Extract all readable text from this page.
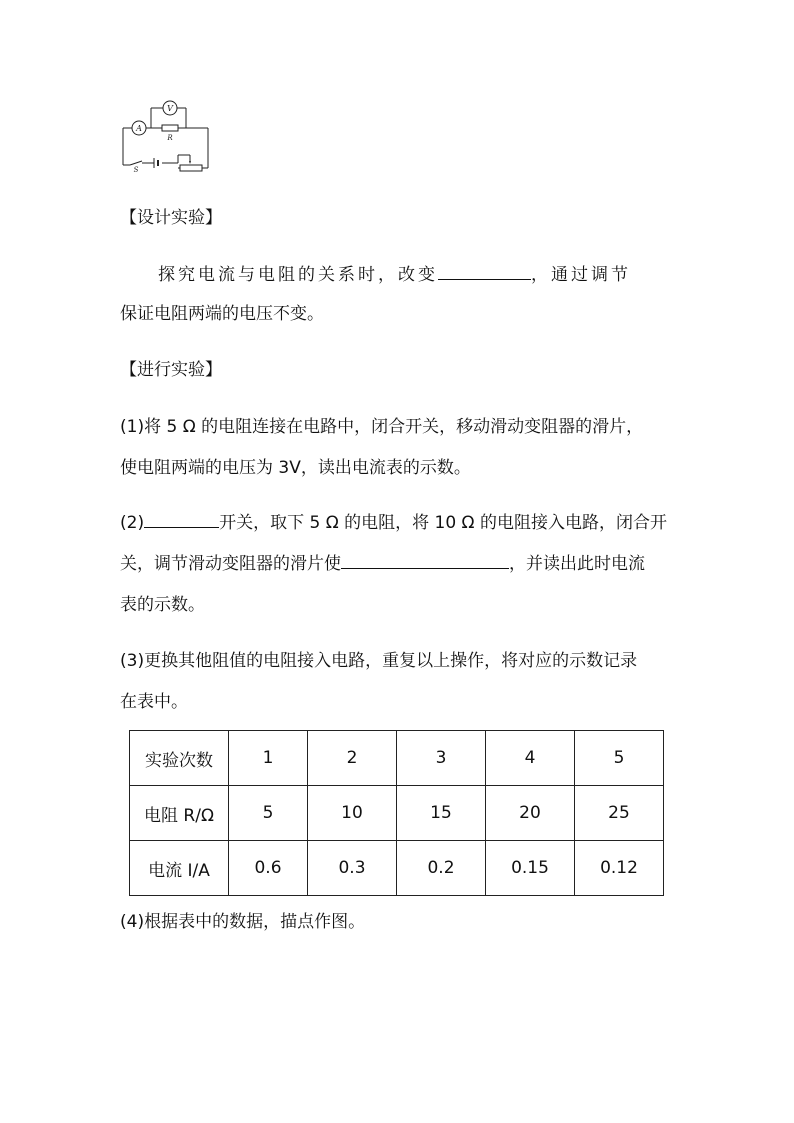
A
V
R
S
【设计实验】
探究电流与电阻的关系时，改变	，通过调节
保证电阻两端的电压不变。
【进行实验】
(1)将 5 Ω 的电阻连接在电路中，闭合开关，移动滑动变阻器的滑片，
使电阻两端的电压为 3V，读出电流表的示数。
(2)	开关，取下 5 Ω 的电阻，将 10 Ω 的电阻接入电路，闭合开
关，调节滑动变阻器的滑片使	，并读出此时电流
表的示数。
(3)更换其他阻值的电阻接入电路，重复以上操作，将对应的示数记录
在表中。
实验次数	1	2	3	4	5
电阻 R/Ω	5	10	15	20	25
电流 I/A	0.6	0.3	0.2	0.15	0.12
(4)根据表中的数据，描点作图。
